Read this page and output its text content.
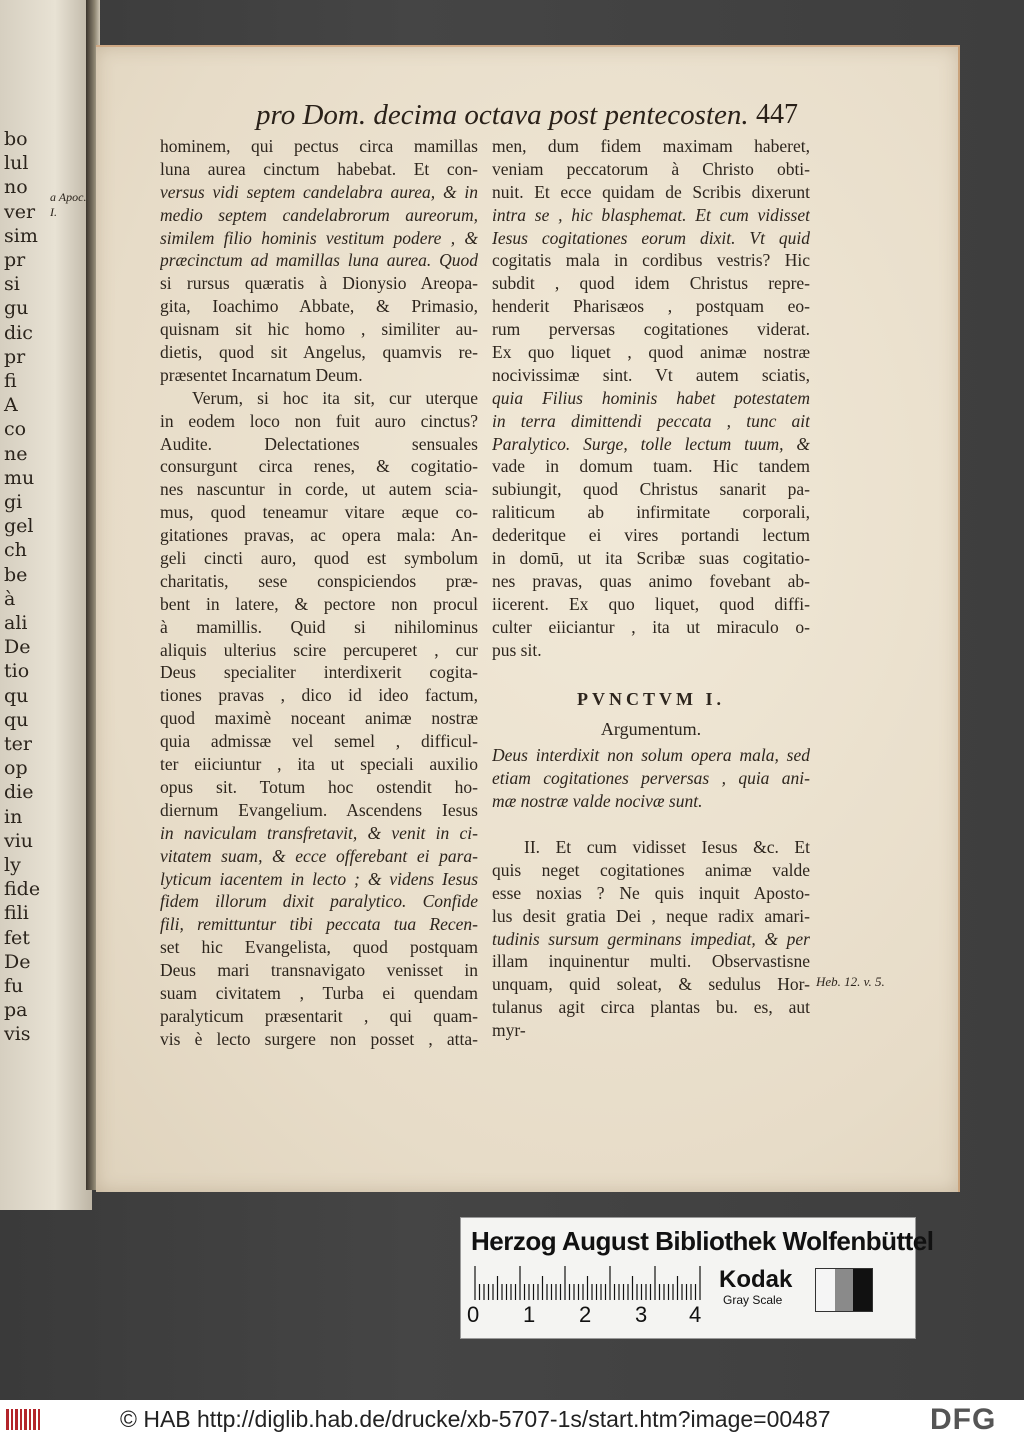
bo
lul
no
ver
sim
pr
si
gu
dic
pr
fi
A
co
ne
mu
gi
gel
ch
be
à
ali
De
tio
qu
qu
ter
op
die
in
viu
ly
fide
fili
fet
De
fu
pa
vis
a Apoc. I.
pro Dom. decima octava post pentecosten. 447
hominem, qui pectus circa mamillas
luna aurea cinctum habebat. Et con-
versus vidi septem candelabra aurea, & in
medio septem candelabrorum aureorum,
similem filio hominis vestitum podere , &
præcinctum ad mamillas luna aurea. Quod
si rursus quæratis à Dionysio Areopa-
gita, Ioachimo Abbate, & Primasio,
quisnam sit hic homo , similiter au-
dietis, quod sit Angelus, quamvis re-
præsentet Incarnatum Deum.
Verum, si hoc ita sit, cur uterque
in eodem loco non fuit auro cinctus?
Audite. Delectationes sensuales
consurgunt circa renes, & cogitatio-
nes nascuntur in corde, ut autem scia-
mus, quod teneamur vitare æque co-
gitationes pravas, ac opera mala: An-
geli cincti auro, quod est symbolum
charitatis, sese conspiciendos præ-
bent in latere, & pectore non procul
à mamillis. Quid si nihilominus
aliquis ulterius scire percuperet , cur
Deus specialiter interdixerit cogita-
tiones pravas , dico id ideo factum,
quod maximè noceant animæ nostræ
quia admissæ vel semel , difficul-
ter eiiciuntur , ita ut speciali auxilio
opus sit. Totum hoc ostendit ho-
diernum Evangelium. Ascendens Iesus
in naviculam transfretavit, & venit in ci-
vitatem suam, & ecce offerebant ei para-
lyticum iacentem in lecto ; & videns Iesus
fidem illorum dixit paralytico. Confide
fili, remittuntur tibi peccata tua Recen-
set hic Evangelista, quod postquam
Deus mari transnavigato venisset in
suam civitatem , Turba ei quendam
paralyticum præsentarit , qui quam-
vis è lecto surgere non posset , atta-
men, dum fidem maximam haberet,
veniam peccatorum à Christo obti-
nuit. Et ecce quidam de Scribis dixerunt
intra se , hic blasphemat. Et cum vidisset
Iesus cogitationes eorum dixit. Vt quid
cogitatis mala in cordibus vestris? Hic
subdit , quod idem Christus repre-
henderit Pharisæos , postquam eo-
rum perversas cogitationes viderat.
Ex quo liquet , quod animæ nostræ
nocivissimæ sint. Vt autem sciatis,
quia Filius hominis habet potestatem
in terra dimittendi peccata , tunc ait
Paralytico. Surge, tolle lectum tuum, &
vade in domum tuam. Hic tandem
subiungit, quod Christus sanarit pa-
raliticum ab infirmitate corporali,
dederitque ei vires portandi lectum
in domū, ut ita Scribæ suas cogitatio-
nes pravas, quas animo fovebant ab-
iicerent. Ex quo liquet, quod diffi-
culter eiiciantur , ita ut miraculo o-
pus sit.
PVNCTVM I.
Argumentum.
Deus interdixit non solum opera mala, sed
etiam cogitationes perversas , quia ani-
mæ nostræ valde nocivæ sunt.
II. Et cum vidisset Iesus &c. Et
quis neget cogitationes animæ valde
esse noxias ? Ne quis inquit Aposto-
lus desit gratia Dei , neque radix amari-
tudinis sursum germinans impediat, & per
illam inquinentur multi. Observastisne
unquam, quid soleat, & sedulus Hor-
tulanus agit circa plantas bu. es, aut
myr-
Heb. 12. v. 5.
Herzog August Bibliothek Wolfenbüttel
0 1 2 3 4
Kodak
Gray Scale
© HAB http://diglib.hab.de/drucke/xb-5707-1s/start.htm?image=00487	DFG
